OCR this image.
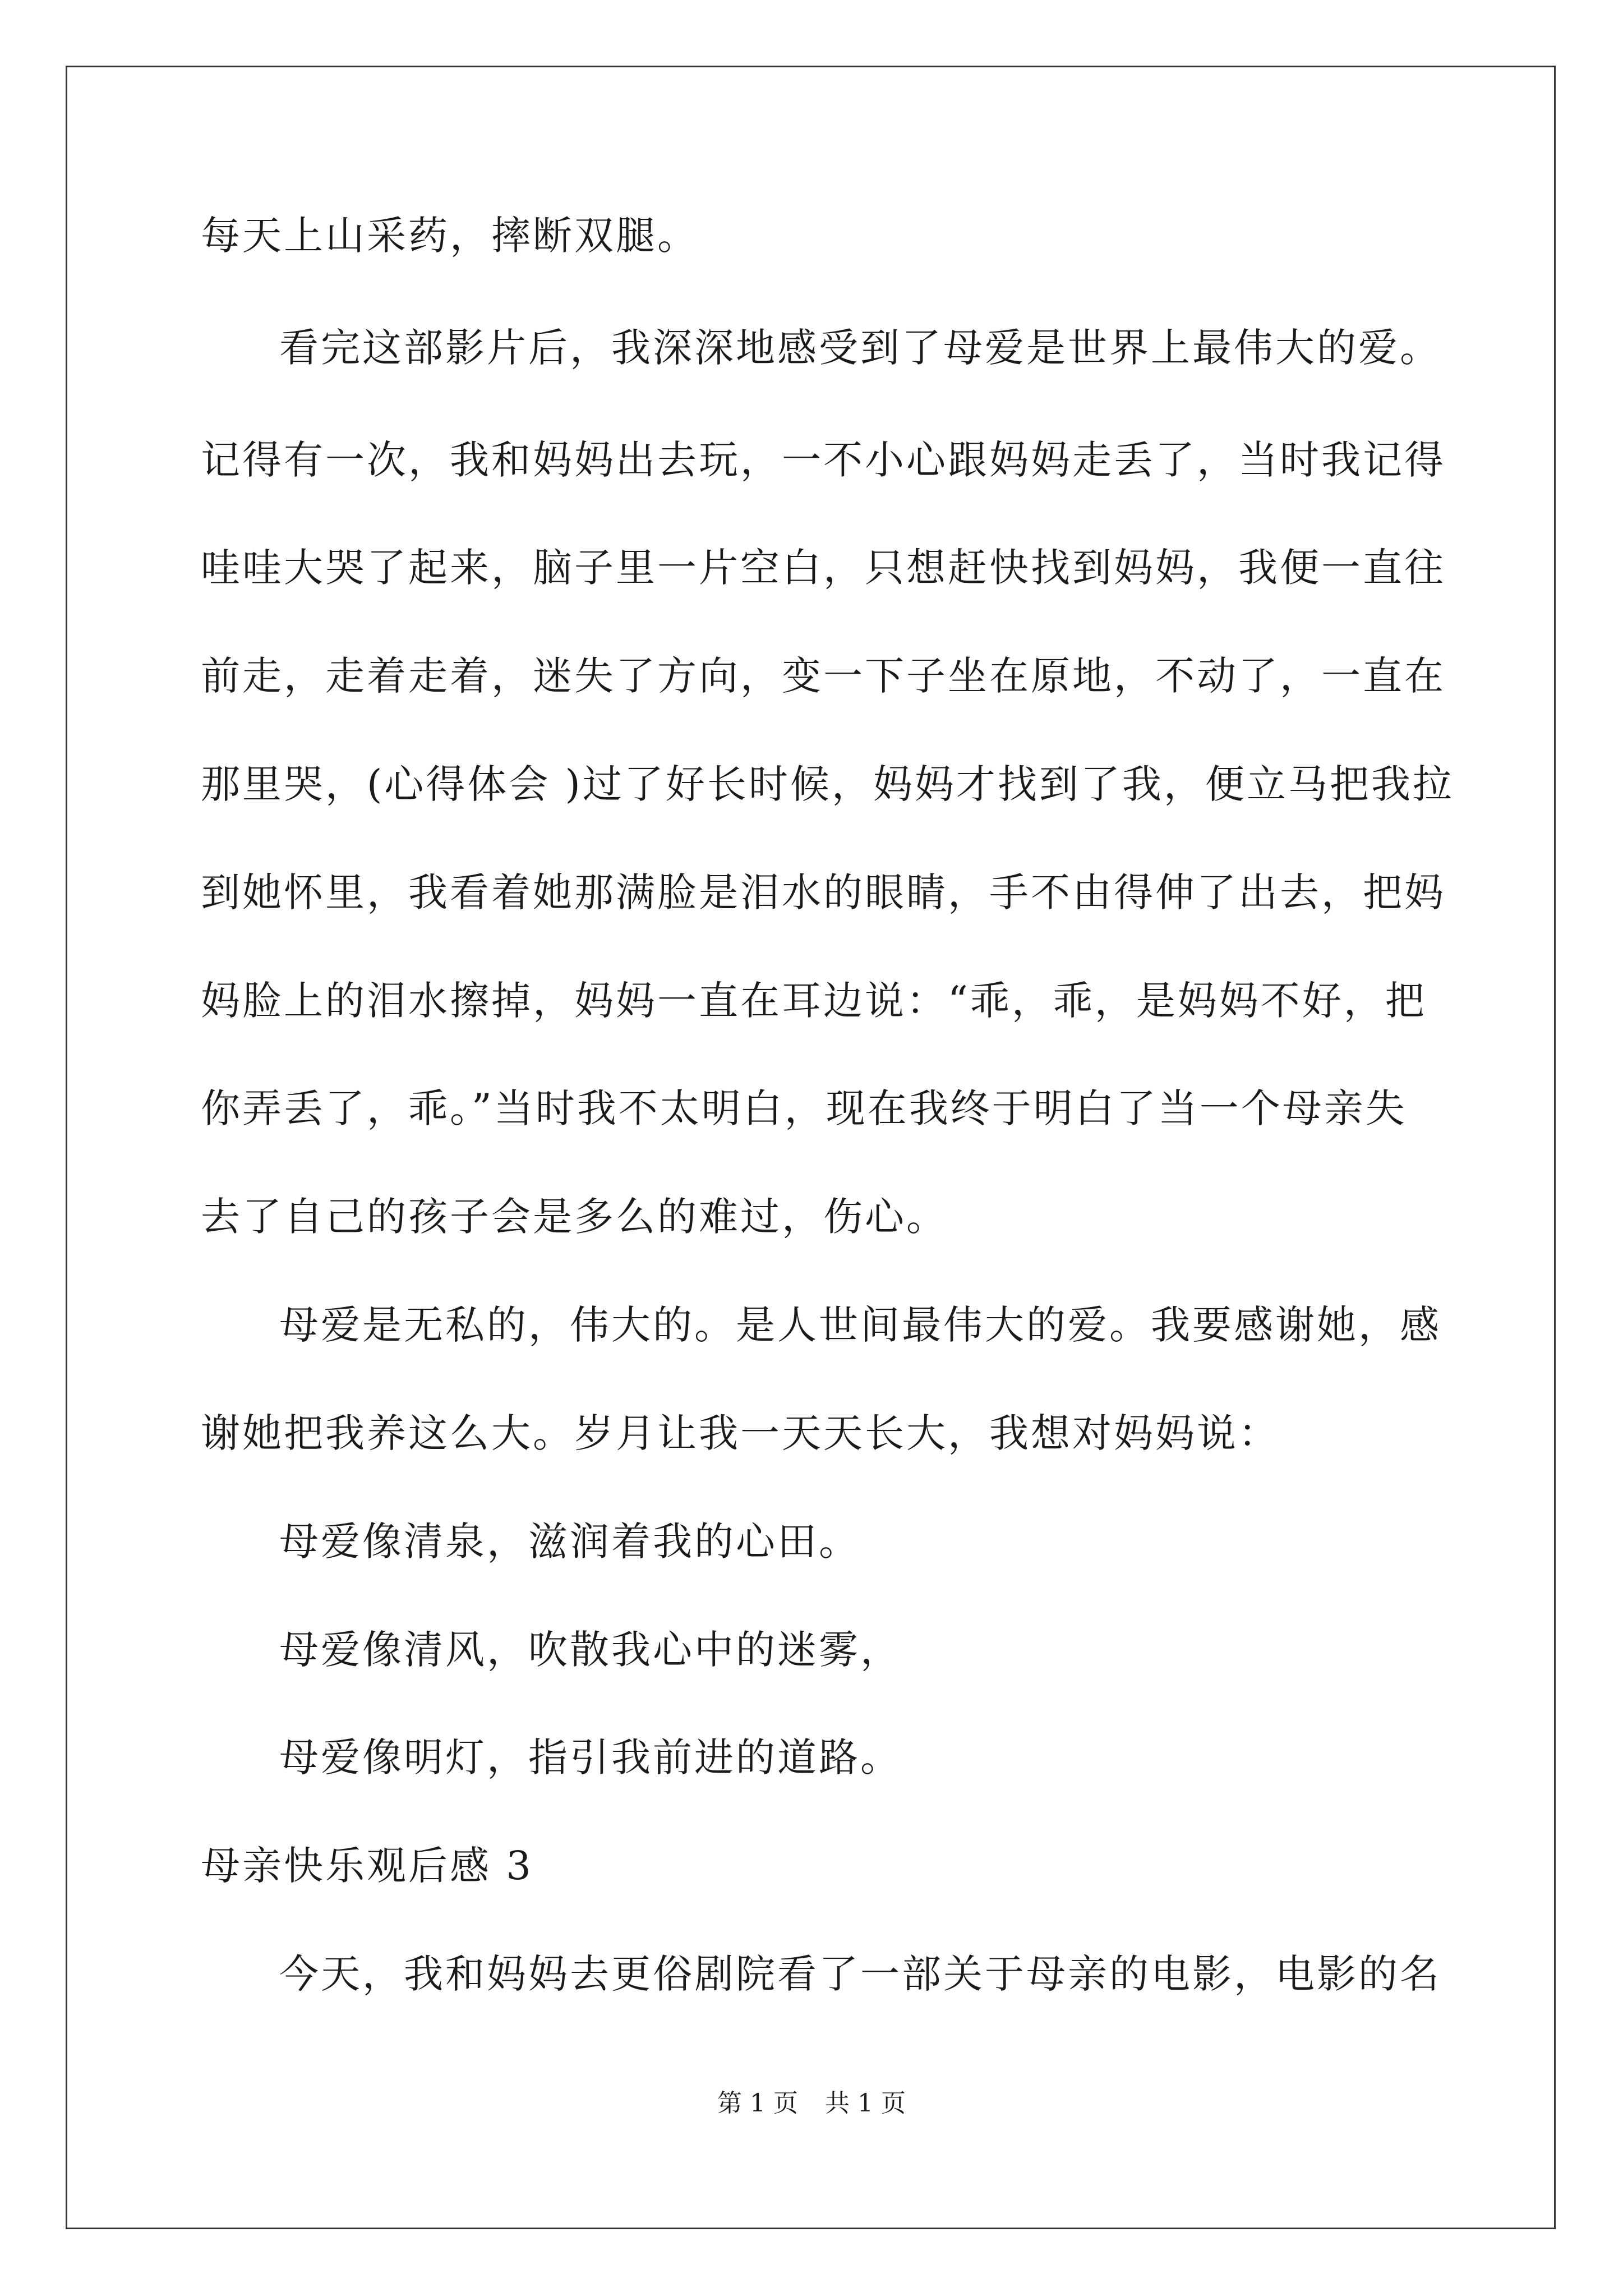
每天上山采药，摔断双腿。
看完这部影片后，我深深地感受到了母爱是世界上最伟大的爱。
记得有一次，我和妈妈出去玩，一不小心跟妈妈走丢了，当时我记得
哇哇大哭了起来，脑子里一片空白，只想赶快找到妈妈，我便一直往
前走，走着走着，迷失了方向，变一下子坐在原地，不动了，一直在
那里哭，(心得体会 )过了好长时候，妈妈才找到了我，便立马把我拉
到她怀里，我看着她那满脸是泪水的眼睛，手不由得伸了出去，把妈
妈脸上的泪水擦掉，妈妈一直在耳边说：“乖，乖，是妈妈不好，把
你弄丢了，乖。”当时我不太明白，现在我终于明白了当一个母亲失
去了自己的孩子会是多么的难过，伤心。
母爱是无私的，伟大的。是人世间最伟大的爱。我要感谢她，感
谢她把我养这么大。岁月让我一天天长大，我想对妈妈说：
母爱像清泉，滋润着我的心田。
母爱像清风，吹散我心中的迷雾，
母爱像明灯，指引我前进的道路。
母亲快乐观后感 3
今天，我和妈妈去更俗剧院看了一部关于母亲的电影，电影的名
第 1 页 共 1 页
